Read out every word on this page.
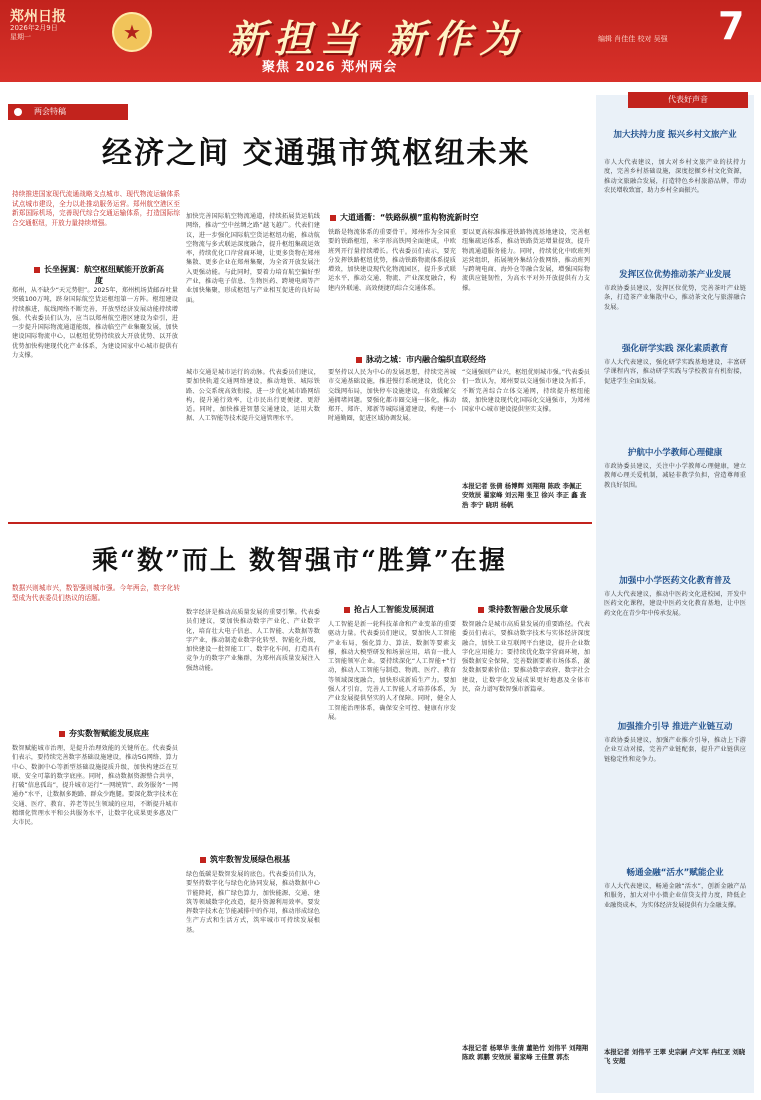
郑州日报
2026年2月9日
星期一	★ 新担当 新作为
聚焦 2026 郑州两会
编辑 肖佳佳 校对 吴强 7
两会特稿
经济之间 交通强市筑枢纽未来
持续推进国家现代流通战略支点城市、现代物流运输体系试点城市建设，全力以赴推动服务运营。郑州航空港区至新郑国际机场，完善现代综合交通运输体系，打造国际综合交通枢纽，开放力量持续增强。
长坐握翼：航空枢纽赋能开放新高度
郑州，从不缺少“天元势胆”。2025年，郑州机场货邮吞吐量突破100万吨，跻身国际航空货运枢纽第一方阵。枢纽建设持续推进，航线网络不断完善，开放型经济发展动能持续增强。代表委员们认为，应当以郑州航空港区建设为牵引，进一步提升国际物流通道能级，推动临空产业集聚发展，加快建设国际物流中心，以枢纽优势持续放大开放优势、以开放优势加快构建现代化产业体系，为建设国家中心城市提供有力支撑。
加快完善国际航空物流通道，持续拓展货运航线网络，推动“空中丝绸之路”越飞越广。代表们建议，进一步强化国际航空货运枢纽功能，推动航空物流与多式联运深度融合，提升枢纽集疏运效率，持续优化口岸营商环境，让更多货物在郑州集散、更多企业在郑州集聚，为全省开放发展注入更强动能。与此同时，要着力培育航空偏好型产业，推动电子信息、生物医药、跨境电商等产业加快集聚，形成枢纽与产业相互促进的良好局面。
大道通衢：“铁路纵横”重构物流新时空
铁路是物流体系的重要骨干。郑州作为全国重要的铁路枢纽，米字形高铁网全面建成，中欧班列开行量持续增长。代表委员们表示，要充分发挥铁路枢纽优势，推动铁路物流体系提质增效，加快建设现代化物流园区，提升多式联运水平，推动交通、物流、产业深度融合，构建内外联通、高效便捷的综合交通体系。
要以更高标准推进铁路物流基地建设，完善枢纽集疏运体系，推动铁路货运增量提效，提升物流通道服务能力。同时，持续优化中欧班列运营组织，拓展境外集结分拨网络，推动班列与跨境电商、海外仓等融合发展，增强国际物流供应链韧性，为高水平对外开放提供有力支撑。
脉动之城：市内融合编织直联经络
城市交通是城市运行的动脉。代表委员们建议，要加快轨道交通网络建设，推动地铁、城际铁路、公交系统高效衔接，进一步优化城市路网结构，提升通行效率，让市民出行更便捷、更舒适。同时，加快推进智慧交通建设，运用大数据、人工智能等技术提升交通管理水平。
要坚持以人民为中心的发展思想，持续完善城市交通基础设施，推进慢行系统建设，优化公交线网布局，加快停车设施建设，有效缓解交通拥堵问题。要强化都市圈交通一体化，推动郑开、郑许、郑新等城际通道建设，构建一小时通勤圈，促进区域协调发展。
“交通强则产业兴，枢纽优则城市强。”代表委员们一致认为，郑州要以交通强市建设为抓手，不断完善综合立体交通网，持续提升枢纽能级，加快建设现代化国际化交通强市，为郑州国家中心城市建设提供坚实支撑。
本报记者 张倩 杨博辉 刘翔翔 陈政 李佩正 安效辰 翟家峰 刘云翔 张卫 徐兴 李正 鑫 查浩 李宁 晓玥 杨帆
乘“数”而上 数智强市“胜算”在握
数据兴则城市兴，数智强则城市强。今年两会，数字化转型成为代表委员们热议的话题。
夯实数智赋能发展底座
数智赋能城市治理，是提升治理效能的关键所在。代表委员们表示，要持续完善数字基础设施建设，推动5G网络、算力中心、数据中心等新型基础设施提质升级，加快构建泛在互联、安全可靠的数字底座。同时，推动数据资源整合共享，打破“信息孤岛”，提升城市运行“一网统管”、政务服务“一网通办”水平，让数据多跑路、群众少跑腿。要深化数字技术在交通、医疗、教育、养老等民生领域的应用，不断提升城市精细化管理水平和公共服务水平，让数字化成果更多惠及广大市民。
数字经济是推动高质量发展的重要引擎。代表委员们建议，要加快推动数字产业化、产业数字化，培育壮大电子信息、人工智能、大数据等数字产业，推动制造业数字化转型、智能化升级，加快建设一批智能工厂、数字化车间，打造具有竞争力的数字产业集群，为郑州高质量发展注入强劲动能。
筑牢数智发展绿色根基
绿色低碳是数智发展的底色。代表委员们认为，要坚持数字化与绿色化协同发展，推动数据中心节能降耗，推广绿色算力，加快能源、交通、建筑等领域数字化改造，提升资源利用效率。要发挥数字技术在节能减排中的作用，推动形成绿色生产方式和生活方式，筑牢城市可持续发展根基。
抢占人工智能发展洞道
人工智能是新一轮科技革命和产业变革的重要驱动力量。代表委员们建议，要加快人工智能产业布局，强化算力、算法、数据等要素支撑，推动大模型研发和场景应用，培育一批人工智能领军企业。要持续深化“人工智能+”行动，推动人工智能与制造、物流、医疗、教育等领域深度融合，加快形成新质生产力。要加强人才引育，完善人工智能人才培养体系，为产业发展提供坚实的人才保障。同时，健全人工智能治理体系，确保安全可控、健康有序发展。
秉持数智融合发展乐章
数智融合是城市高质量发展的重要路径。代表委员们表示，要推动数字技术与实体经济深度融合，加快工业互联网平台建设，提升企业数字化应用能力；要持续优化数字营商环境，加强数据安全保障，完善数据要素市场体系，激发数据要素价值；要推动数字政府、数字社会建设，让数字化发展成果更好地惠及全体市民，奋力谱写数智强市新篇章。
本报记者 杨翠华 张倩 董艳竹 刘伟平 刘翔翔 陈政 郭鹏 安效辰 翟家峰 王佳慧 郭杰
代表好声音
加大扶持力度 振兴乡村文旅产业
市人大代表建议，加大对乡村文旅产业的扶持力度，完善乡村基础设施，深度挖掘乡村文化资源，推动文旅融合发展，打造特色乡村旅游品牌，带动农民增收致富，助力乡村全面振兴。
发挥区位优势推动茶产业发展
市政协委员建议，发挥区位优势，完善茶叶产业链条，打造茶产业集散中心，推动茶文化与旅游融合发展。
强化研学实践 深化素质教育
市人大代表建议，强化研学实践基地建设，丰富研学课程内容，推动研学实践与学校教育有机衔接，促进学生全面发展。
护航中小学教师心理健康
市政协委员建议，关注中小学教师心理健康，建立教师心理关爱机制，减轻非教学负担，营造尊师重教良好氛围。
加强中小学医药文化教育普及
市人大代表建议，推动中医药文化进校园，开发中医药文化课程，建设中医药文化教育基地，让中医药文化在青少年中传承发展。
加强推介引导 推进产业链互动
市政协委员建议，加强产业推介引导，推动上下游企业互动对接，完善产业链配套，提升产业链供应链稳定性和竞争力。
畅通金融“活水”赋能企业
市人大代表建议，畅通金融“活水”，创新金融产品和服务，加大对中小微企业信贷支持力度，降低企业融资成本，为实体经济发展提供有力金融支撑。
本报记者 刘伟平 王翠 史宗嗣 卢文军 冉红亚 刘晓飞 安超
